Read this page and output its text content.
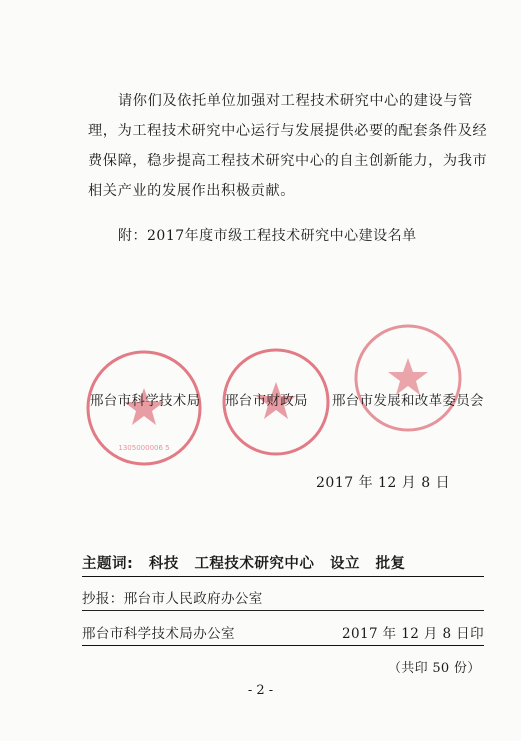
请你们及依托单位加强对工程技术研究中心的建设与管理，为工程技术研究中心运行与发展提供必要的配套条件及经费保障，稳步提高工程技术研究中心的自主创新能力，为我市相关产业的发展作出积极贡献。
附：2017年度市级工程技术研究中心建设名单
1305000006 5
邢台市科学技术局 邢台市财政局 邢台市发展和改革委员会
2017 年 12 月 8 日
主题词: 科技 工程技术研究中心 设立 批复
抄报：邢台市人民政府办公室
邢台市科学技术局办公室	2017 年 12 月 8 日印
（共印 50 份）
- 2 -
